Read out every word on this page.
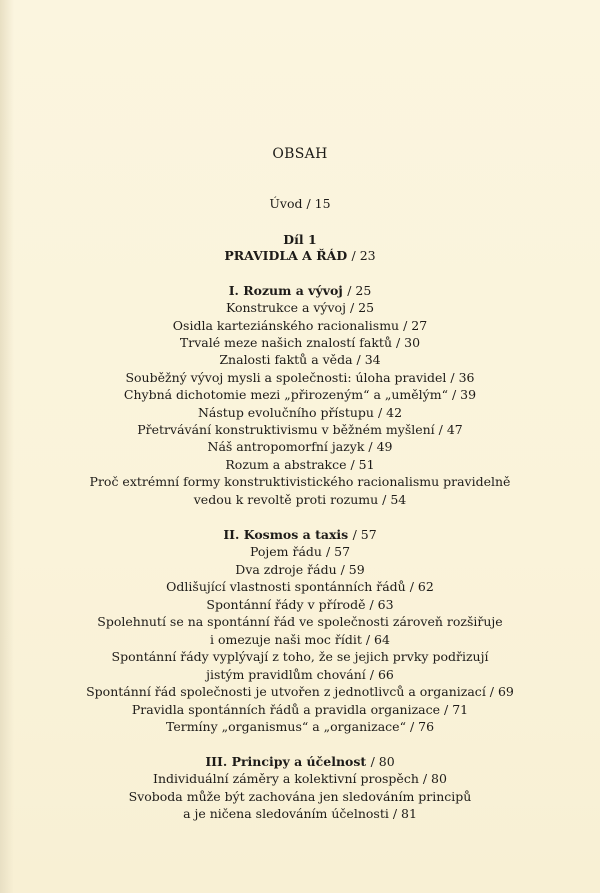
OBSAH
Úvod / 15
Díl 1
PRAVIDLA A ŘÁD / 23
I. Rozum a vývoj / 25
Konstrukce a vývoj / 25
Osidla karteziánského racionalismu / 27
Trvalé meze našich znalostí faktů / 30
Znalosti faktů a věda / 34
Souběžný vývoj mysli a společnosti: úloha pravidel / 36
Chybná dichotomie mezi „přirozeným“ a „umělým“ / 39
Nástup evolučního přístupu / 42
Přetrvávání konstruktivismu v běžném myšlení / 47
Náš antropomorfní jazyk / 49
Rozum a abstrakce / 51
Proč extrémní formy konstruktivistického racionalismu pravidelně
vedou k revoltě proti rozumu / 54
II. Kosmos a taxis / 57
Pojem řádu / 57
Dva zdroje řádu / 59
Odlišující vlastnosti spontánních řádů / 62
Spontánní řády v přírodě / 63
Spolehnutí se na spontánní řád ve společnosti zároveň rozšiřuje
i omezuje naši moc řídit / 64
Spontánní řády vyplývají z toho, že se jejich prvky podřizují
jistým pravidlům chování / 66
Spontánní řád společnosti je utvořen z jednotlivců a organizací / 69
Pravidla spontánních řádů a pravidla organizace / 71
Termíny „organismus“ a „organizace“ / 76
III. Principy a účelnost / 80
Individuální záměry a kolektivní prospěch / 80
Svoboda může být zachována jen sledováním principů
a je ničena sledováním účelnosti / 81
